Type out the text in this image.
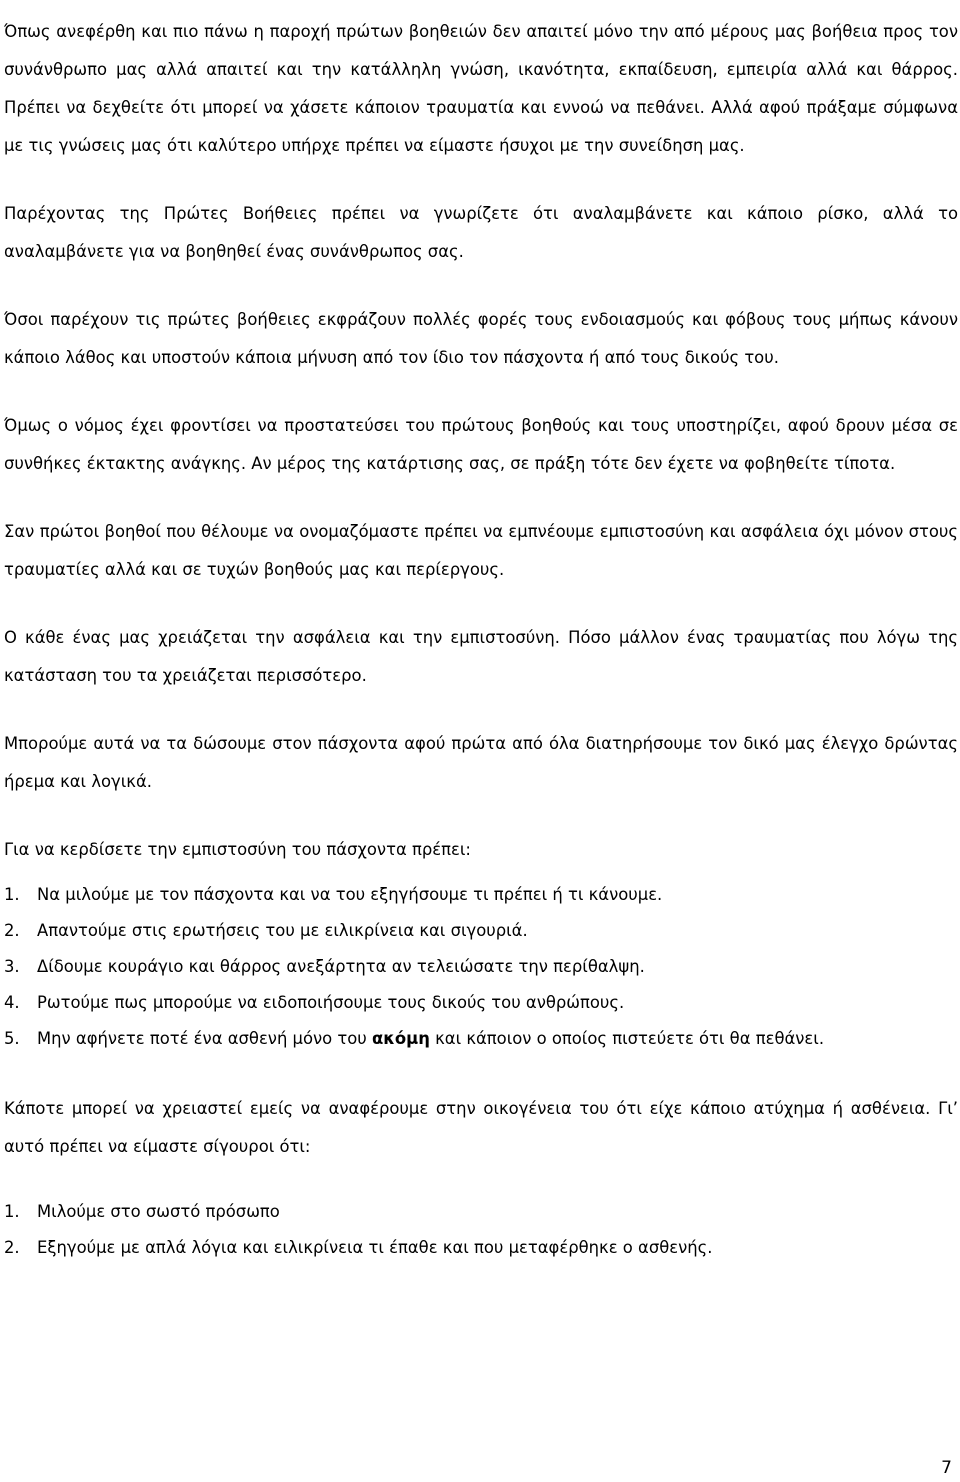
Όπως ανεφέρθη και πιο πάνω η παροχή πρώτων βοηθειών δεν απαιτεί μόνο την από μέρους μας βοήθεια προς τον συνάνθρωπο μας αλλά απαιτεί και την κατάλληλη γνώση, ικανότητα, εκπαίδευση, εμπειρία αλλά και θάρρος. Πρέπει να δεχθείτε ότι μπορεί να χάσετε κάποιον τραυματία και εννοώ να πεθάνει. Αλλά αφού πράξαμε σύμφωνα με τις γνώσεις μας ότι καλύτερο υπήρχε πρέπει να είμαστε ήσυχοι με την συνείδηση μας.

Παρέχοντας της Πρώτες Βοήθειες πρέπει να γνωρίζετε ότι αναλαμβάνετε και κάποιο ρίσκο, αλλά το αναλαμβάνετε για να βοηθηθεί ένας συνάνθρωπος σας.

Όσοι παρέχουν τις πρώτες βοήθειες εκφράζουν πολλές φορές τους ενδοιασμούς και φόβους τους μήπως κάνουν κάποιο λάθος και υποστούν κάποια μήνυση από τον ίδιο τον πάσχοντα ή από τους δικούς του.

Όμως ο νόμος έχει φροντίσει να προστατεύσει του πρώτους βοηθούς και τους υποστηρίζει, αφού δρουν μέσα σε συνθήκες έκτακτης ανάγκης. Αν μέρος της κατάρτισης σας, σε πράξη τότε δεν έχετε να φοβηθείτε τίποτα.

Σαν πρώτοι βοηθοί που θέλουμε να ονομαζόμαστε πρέπει να εμπνέουμε εμπιστοσύνη και ασφάλεια όχι μόνον στους τραυματίες αλλά και σε τυχών βοηθούς μας και περίεργους.

Ο κάθε ένας μας χρειάζεται την ασφάλεια και την εμπιστοσύνη. Πόσο μάλλον ένας τραυματίας που λόγω της κατάσταση του τα χρειάζεται περισσότερο.

Μπορούμε αυτά να τα δώσουμε στον πάσχοντα αφού πρώτα από όλα διατηρήσουμε τον δικό μας έλεγχο δρώντας ήρεμα και λογικά.

Για να κερδίσετε την εμπιστοσύνη του πάσχοντα πρέπει:

1.	Να μιλούμε με τον πάσχοντα και να του εξηγήσουμε τι πρέπει ή τι κάνουμε.
2.	Απαντούμε στις ερωτήσεις του με ειλικρίνεια και σιγουριά.
3.	Δίδουμε κουράγιο και θάρρος ανεξάρτητα αν τελειώσατε την περίθαλψη.
4.	Ρωτούμε πως μπορούμε να ειδοποιήσουμε τους δικούς του ανθρώπους.
5.	Μην αφήνετε ποτέ ένα ασθενή μόνο του ακόμη και κάποιον ο οποίος πιστεύετε ότι θα πεθάνει.

Κάποτε μπορεί να χρειαστεί εμείς να αναφέρουμε στην οικογένεια του ότι είχε κάποιο ατύχημα ή ασθένεια. Γι’ αυτό πρέπει να είμαστε σίγουροι ότι:

1.	Μιλούμε στο σωστό πρόσωπο
2.	Εξηγούμε με απλά λόγια και ειλικρίνεια τι έπαθε και που μεταφέρθηκε ο ασθενής.
7
